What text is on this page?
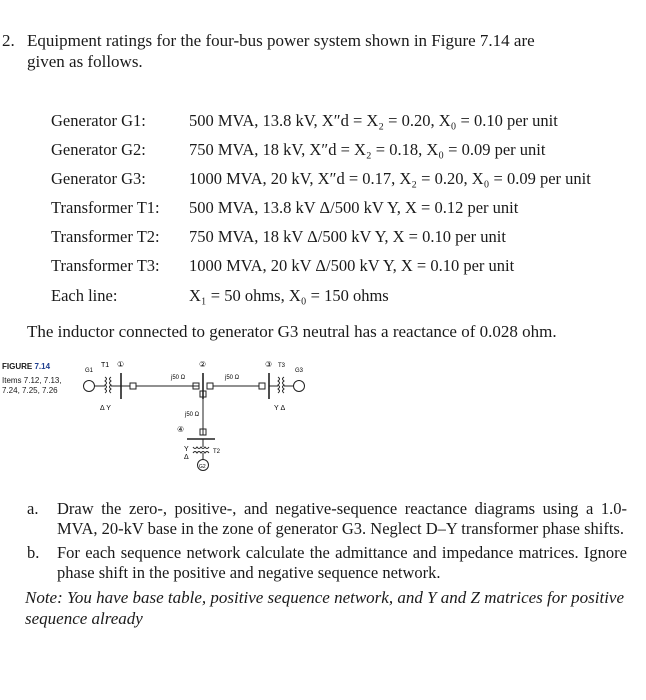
2. Equipment ratings for the four-bus power system shown in Figure 7.14 are
given as follows.
Generator G1:	500 MVA, 13.8 kV, X″d = X₂ = 0.20, X₀ = 0.10 per unit
Generator G2:	750 MVA, 18 kV, X″d = X₂ = 0.18, X₀ = 0.09 per unit
Generator G3:	1000 MVA, 20 kV, X″d = 0.17, X₂ = 0.20, X₀ = 0.09 per unit
Transformer T1: 500 MVA, 13.8 kV Δ/500 kV Y, X = 0.12 per unit
Transformer T2: 750 MVA, 18 kV Δ/500 kV Y, X = 0.10 per unit
Transformer T3: 1000 MVA, 20 kV Δ/500 kV Y, X = 0.10 per unit
Each line:	X₁ = 50 ohms, X₀ = 150 ohms
The inductor connected to generator G3 neutral has a reactance of 0.028 ohm.
FIGURE 7.14
Items 7.12, 7.13,
7.24, 7.25, 7.26
T1 ①
G1
Δ Y
j50 Ω
②
j50 Ω
③ T3
G3
Y Δ
j50 Ω
④
Y
Δ
T2
G2
a. Draw the zero-, positive-, and negative-sequence reactance diagrams using a 1.0-MVA, 20-kV base in the zone of generator G3. Neglect D–Y transformer phase shifts.
b. For each sequence network calculate the admittance and impedance matrices. Ignore phase shift in the positive and negative sequence network.
Note: You have base table, positive sequence network, and Y and Z matrices for positive sequence already
